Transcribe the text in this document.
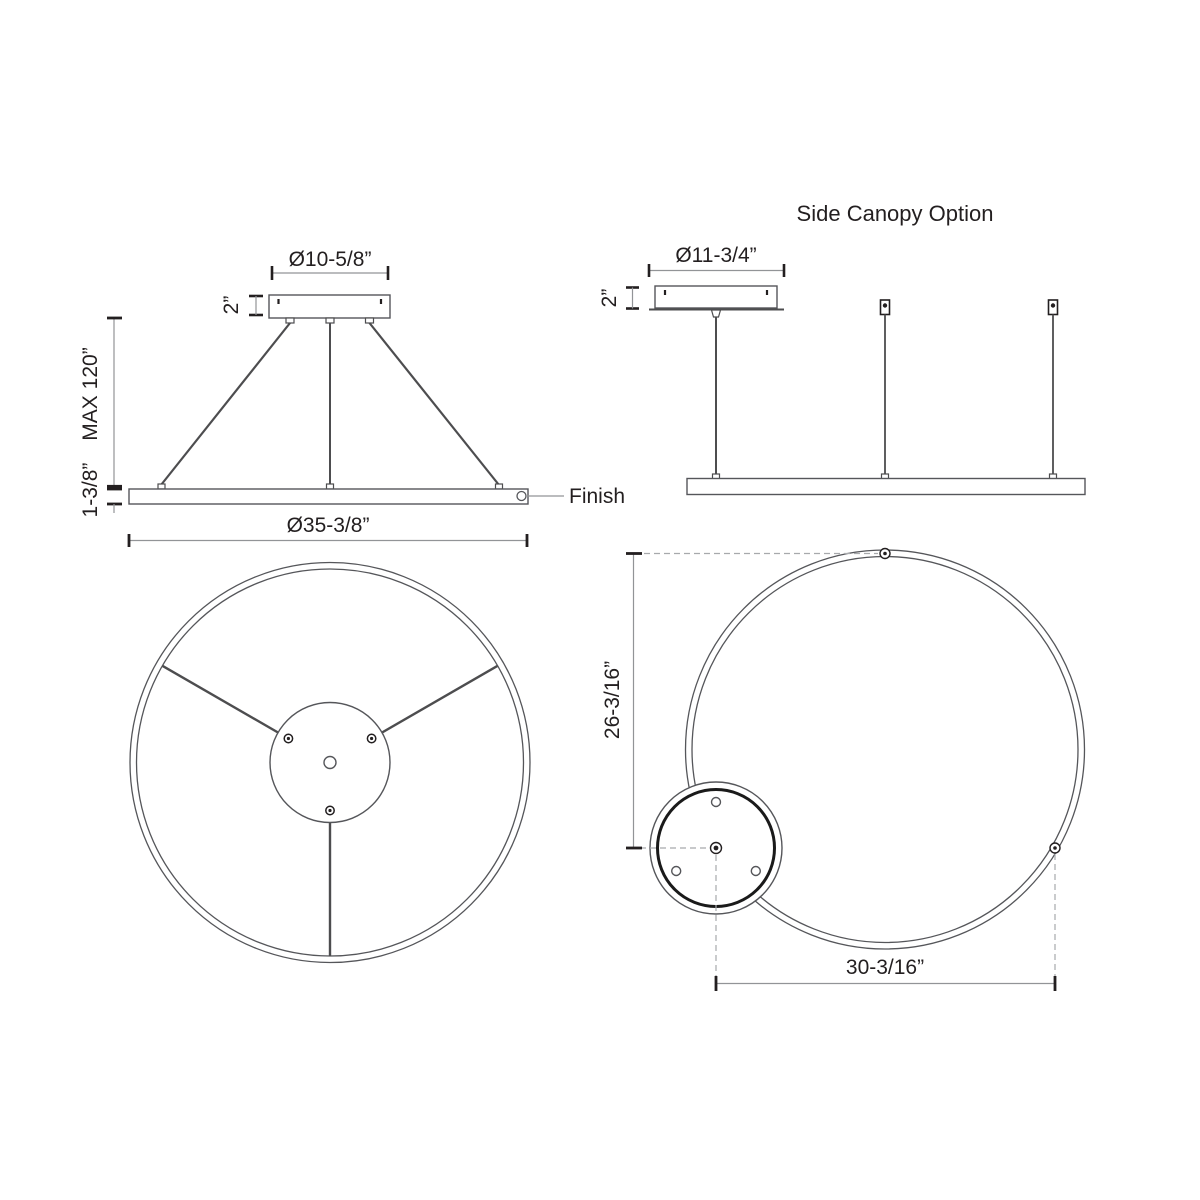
Ø10-5/8”
2”
Finish
MAX 120”
1-3/8”
Ø35-3/8”
Side Canopy Option
Ø11-3/4”
2”
26-3/16”
30-3/16”
